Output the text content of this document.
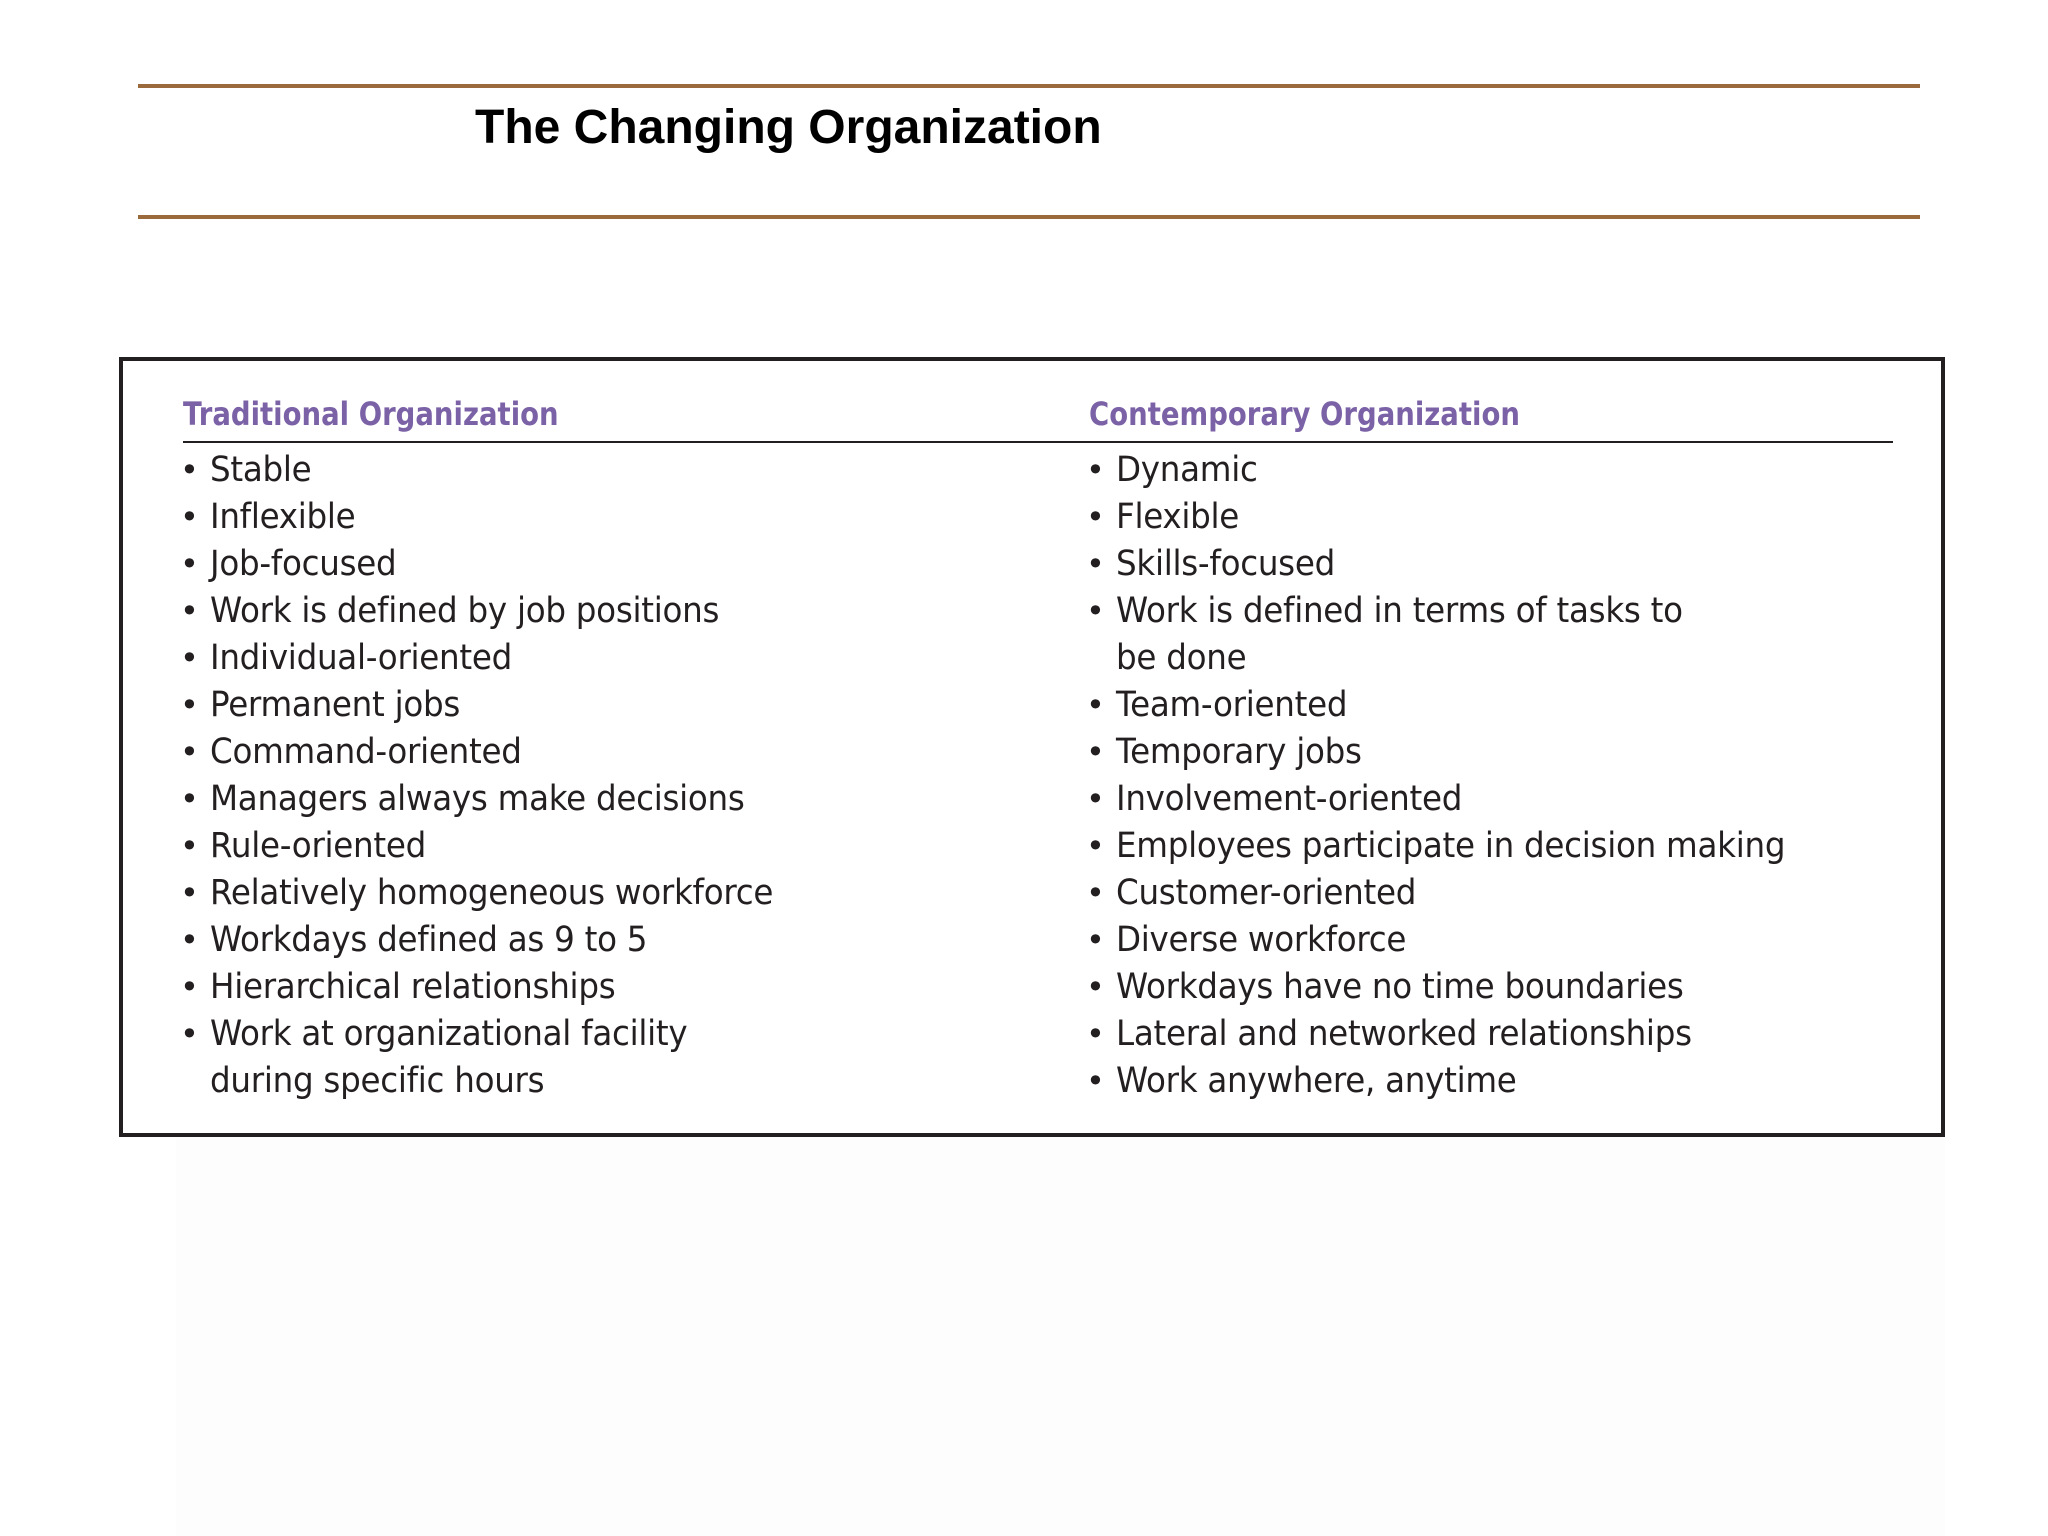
The Changing Organization
Traditional Organization	Contemporary Organization
• Stable
• Inflexible
• Job-focused
• Work is defined by job positions
• Individual-oriented
• Permanent jobs
• Command-oriented
• Managers always make decisions
• Rule-oriented
• Relatively homogeneous workforce
• Workdays defined as 9 to 5
• Hierarchical relationships
• Work at organizational facility
during specific hours
• Dynamic
• Flexible
• Skills-focused
• Work is defined in terms of tasks to
be done
• Team-oriented
• Temporary jobs
• Involvement-oriented
• Employees participate in decision making
• Customer-oriented
• Diverse workforce
• Workdays have no time boundaries
• Lateral and networked relationships
• Work anywhere, anytime
